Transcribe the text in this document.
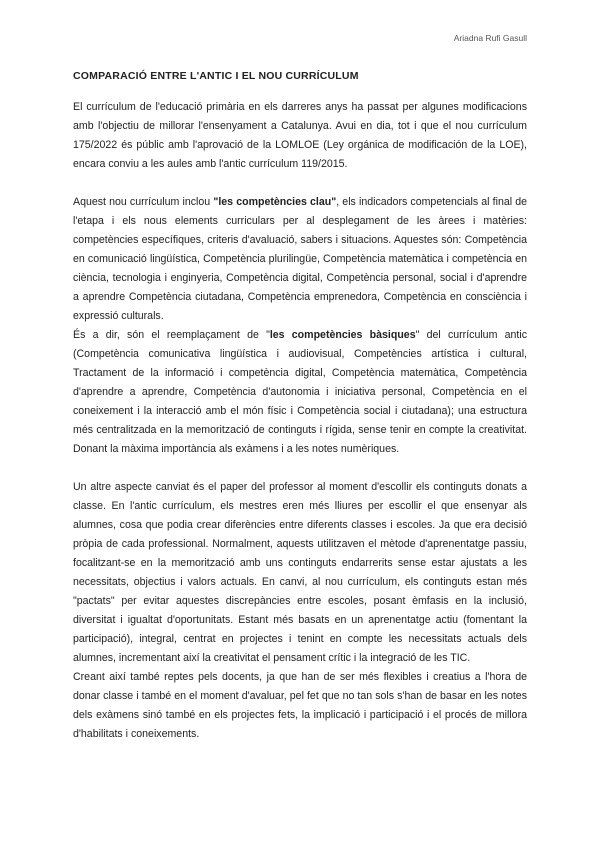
Ariadna Rufi Gasull
COMPARACIÓ ENTRE L'ANTIC I EL NOU CURRÍCULUM

El currículum de l'educació primària en els darreres anys ha passat per algunes modificacions amb l'objectiu de millorar l'ensenyament a Catalunya. Avui en dia, tot i que el nou currículum 175/2022 és públic amb l'aprovació de la LOMLOE (Ley orgánica de modificación de la LOE), encara conviu a les aules amb l'antic currículum 119/2015.

Aquest nou currículum inclou "les competències clau", els indicadors competencials al final de l'etapa i els nous elements curriculars per al desplegament de les àrees i matèries: competències específiques, criteris d'avaluació, sabers i situacions. Aquestes són: Competència en comunicació lingüística, Competència plurilingüe, Competència matemàtica i competència en ciència, tecnologia i enginyeria, Competència digital, Competència personal, social i d'aprendre a aprendre Competència ciutadana, Competència emprenedora, Competència en consciència i expressió culturals.

És a dir, són el reemplaçament de "les competències bàsiques" del currículum antic (Competència comunicativa lingüística i audiovisual, Competències artística i cultural, Tractament de la informació i competència digital, Competència matemàtica, Competència d'aprendre a aprendre, Competència d'autonomia i iniciativa personal, Competència en el coneixement i la interacció amb el món físic i Competència social i ciutadana); una estructura més centralitzada en la memorització de continguts i rígida, sense tenir en compte la creativitat. Donant la màxima importància als exàmens i a les notes numèriques.

Un altre aspecte canviat és el paper del professor al moment d'escollir els continguts donats a classe. En l'antic currículum, els mestres eren més lliures per escollir el que ensenyar als alumnes, cosa que podia crear diferències entre diferents classes i escoles. Ja que era decisió pròpia de cada professional. Normalment, aquests utilitzaven el mètode d'aprenentatge passiu, focalitzant-se en la memorització amb uns continguts endarrerits sense estar ajustats a les necessitats, objectius i valors actuals. En canvi, al nou currículum, els continguts estan més "pactats" per evitar aquestes discrepàncies entre escoles, posant èmfasis en la inclusió, diversitat i igualtat d'oportunitats. Estant més basats en un aprenentatge actiu (fomentant la participació), integral, centrat en projectes i tenint en compte les necessitats actuals dels alumnes, incrementant així la creativitat el pensament crític i la integració de les TIC.

Creant així també reptes pels docents, ja que han de ser més flexibles i creatius a l'hora de donar classe i també en el moment d'avaluar, pel fet que no tan sols s'han de basar en les notes dels exàmens sinó també en els projectes fets, la implicació i participació i el procés de millora d'habilitats i coneixements.
